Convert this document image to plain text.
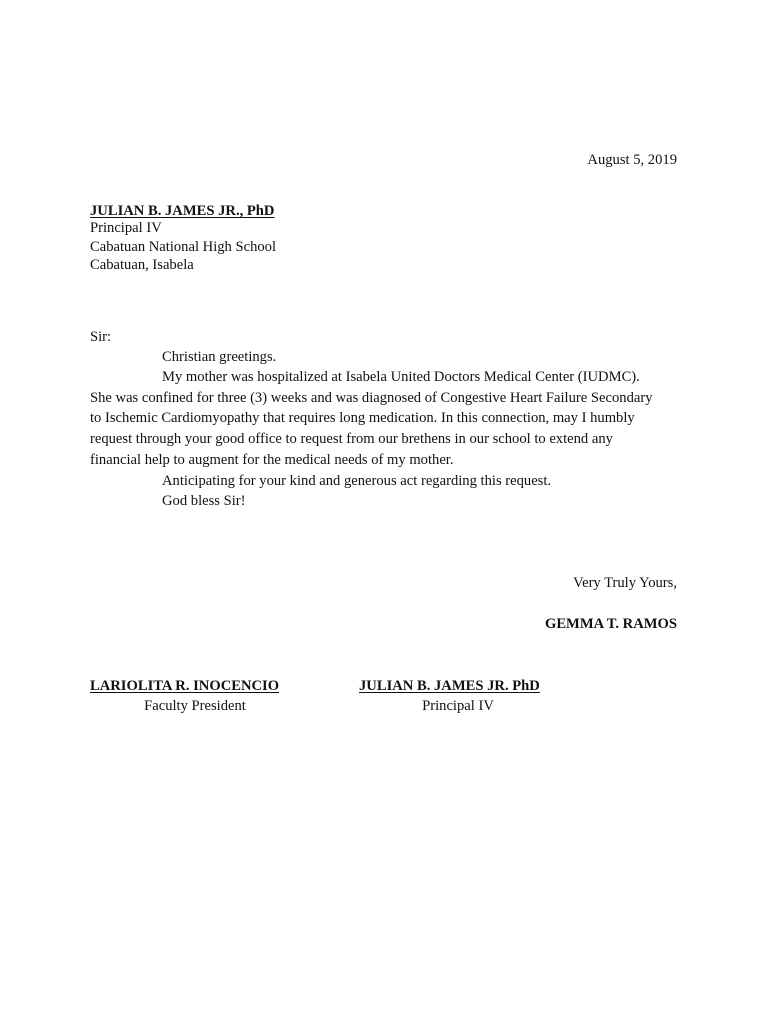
August 5, 2019
JULIAN B. JAMES JR., PhD
Principal IV
Cabatuan National High School
Cabatuan, Isabela
Sir:
Christian greetings.
My mother was hospitalized at Isabela United Doctors Medical Center (IUDMC).
She was confined for three (3) weeks and was diagnosed of Congestive Heart Failure Secondary
to Ischemic Cardiomyopathy that requires long medication. In this connection, may I humbly
request through your good office to request from our brethens in our school to extend any
financial help to augment for the medical needs of my mother.
Anticipating for your kind and generous act regarding this request.
God bless Sir!
Very Truly Yours,
GEMMA T. RAMOS
LARIOLITA R. INOCENCIO
Faculty President
JULIAN B. JAMES JR. PhD
Principal IV
